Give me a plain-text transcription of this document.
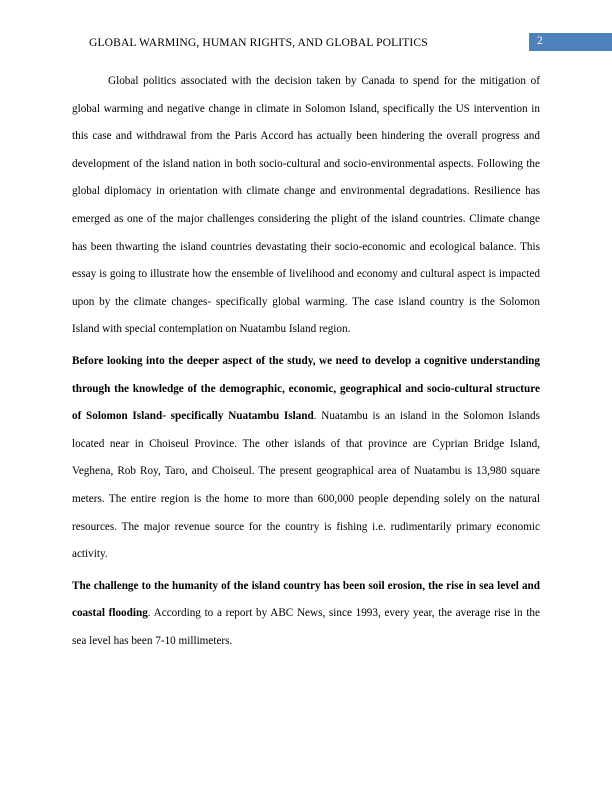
GLOBAL WARMING, HUMAN RIGHTS, AND GLOBAL POLITICS	2

Global politics associated with the decision taken by Canada to spend for the mitigation of global warming and negative change in climate in Solomon Island, specifically the US intervention in this case and withdrawal from the Paris Accord has actually been hindering the overall progress and development of the island nation in both socio-cultural and socio-environmental aspects. Following the global diplomacy in orientation with climate change and environmental degradations. Resilience has emerged as one of the major challenges considering the plight of the island countries. Climate change has been thwarting the island countries devastating their socio-economic and ecological balance. This essay is going to illustrate how the ensemble of livelihood and economy and cultural aspect is impacted upon by the climate changes- specifically global warming. The case island country is the Solomon Island with special contemplation on Nuatambu Island region.

Before looking into the deeper aspect of the study, we need to develop a cognitive understanding through the knowledge of the demographic, economic, geographical and socio-cultural structure of Solomon Island- specifically Nuatambu Island. Nuatambu is an island in the Solomon Islands located near in Choiseul Province. The other islands of that province are Cyprian Bridge Island, Veghena, Rob Roy, Taro, and Choiseul. The present geographical area of Nuatambu is 13,980 square meters. The entire region is the home to more than 600,000 people depending solely on the natural resources. The major revenue source for the country is fishing i.e. rudimentarily primary economic activity.

The challenge to the humanity of the island country has been soil erosion, the rise in sea level and coastal flooding. According to a report by ABC News, since 1993, every year, the average rise in the sea level has been 7-10 millimeters.
